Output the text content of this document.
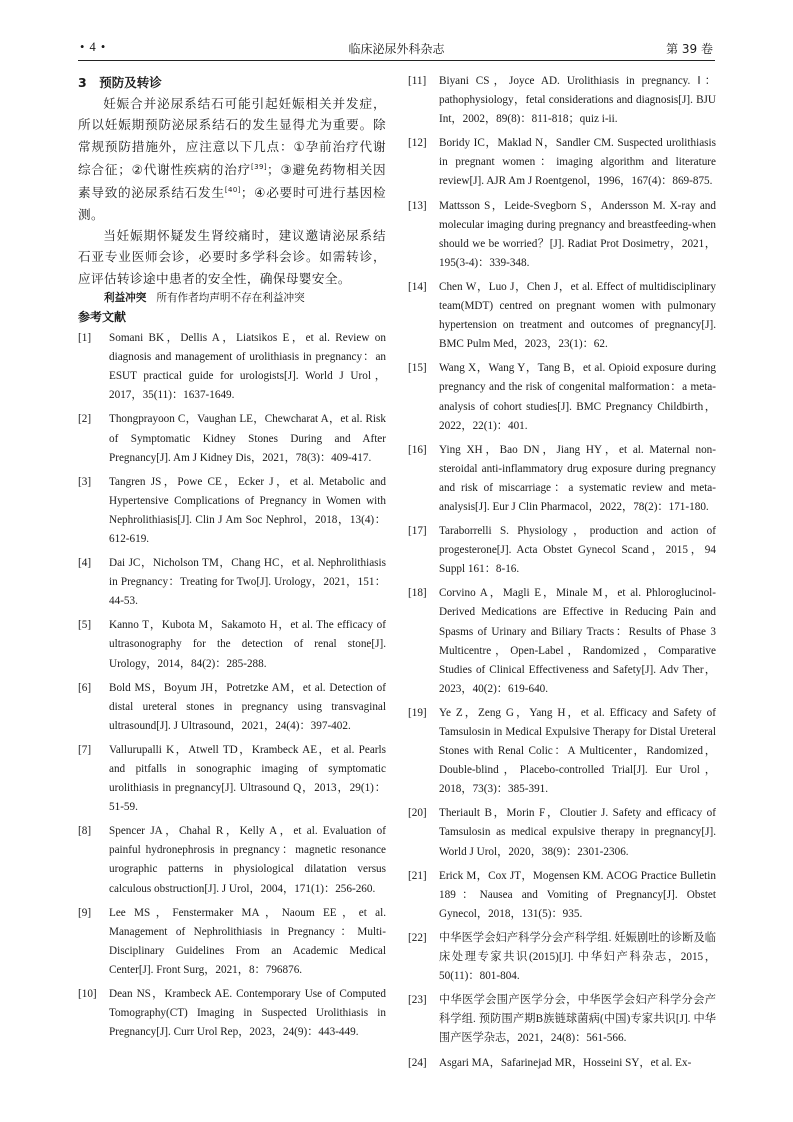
• 4 •	临床泌尿外科杂志	第 39 卷
3　预防及转诊

妊娠合并泌尿系结石可能引起妊娠相关并发症，所以妊娠期预防泌尿系结石的发生显得尤为重要。除常规预防措施外，应注意以下几点：①孕前治疗代谢综合征；②代谢性疾病的治疗[39]；③避免药物相关因素导致的泌尿系结石发生[40]；④必要时可进行基因检测。

当妊娠期怀疑发生肾绞痛时，建议邀请泌尿系结石亚专业医师会诊，必要时多学科会诊。如需转诊，应评估转诊途中患者的安全性，确保母婴安全。

利益冲突 所有作者均声明不存在利益冲突
参考文献
[1] Somani BK，Dellis A，Liatsikos E，et al. Review on diagnosis and management of urolithiasis in pregnancy：an ESUT practical guide for urologists[J]. World J Urol，2017，35(11)：1637-1649.
[2] Thongprayoon C，Vaughan LE，Chewcharat A，et al. Risk of Symptomatic Kidney Stones During and After Pregnancy[J]. Am J Kidney Dis，2021，78(3)：409-417.
[3] Tangren JS，Powe CE，Ecker J，et al. Metabolic and Hypertensive Complications of Pregnancy in Women with Nephrolithiasis[J]. Clin J Am Soc Nephrol，2018，13(4)：612-619.
[4] Dai JC，Nicholson TM，Chang HC，et al. Nephrolithiasis in Pregnancy：Treating for Two[J]. Urology，2021，151：44-53.
[5] Kanno T，Kubota M，Sakamoto H，et al. The efficacy of ultrasonography for the detection of renal stone[J]. Urology，2014，84(2)：285-288.
[6] Bold MS，Boyum JH，Potretzke AM，et al. Detection of distal ureteral stones in pregnancy using transvaginal ultrasound[J]. J Ultrasound，2021，24(4)：397-402.
[7] Vallurupalli K，Atwell TD，Krambeck AE，et al. Pearls and pitfalls in sonographic imaging of symptomatic urolithiasis in pregnancy[J]. Ultrasound Q，2013，29(1)：51-59.
[8] Spencer JA，Chahal R，Kelly A，et al. Evaluation of painful hydronephrosis in pregnancy：magnetic resonance urographic patterns in physiological dilatation versus calculous obstruction[J]. J Urol，2004，171(1)：256-260.
[9] Lee MS，Fenstermaker MA，Naoum EE，et al. Management of Nephrolithiasis in Pregnancy：Multi-Disciplinary Guidelines From an Academic Medical Center[J]. Front Surg，2021，8：796876.
[10] Dean NS，Krambeck AE. Contemporary Use of Computed Tomography(CT) Imaging in Suspected Urolithiasis in Pregnancy[J]. Curr Urol Rep，2023，24(9)：443-449.
[11] Biyani CS，Joyce AD. Urolithiasis in pregnancy. Ⅰ：pathophysiology，fetal considerations and diagnosis[J]. BJU Int，2002，89(8)：811-818；quiz i-ii.
[12] Boridy IC，Maklad N，Sandler CM. Suspected urolithiasis in pregnant women：imaging algorithm and literature review[J]. AJR Am J Roentgenol，1996，167(4)：869-875.
[13] Mattsson S，Leide-Svegborn S，Andersson M. X-ray and molecular imaging during pregnancy and breastfeeding-when should we be worried？[J]. Radiat Prot Dosimetry，2021，195(3-4)：339-348.
[14] Chen W，Luo J，Chen J，et al. Effect of multidisciplinary team(MDT) centred on pregnant women with pulmonary hypertension on treatment and outcomes of pregnancy[J]. BMC Pulm Med，2023，23(1)：62.
[15] Wang X，Wang Y，Tang B，et al. Opioid exposure during pregnancy and the risk of congenital malformation：a meta-analysis of cohort studies[J]. BMC Pregnancy Childbirth，2022，22(1)：401.
[16] Ying XH，Bao DN，Jiang HY，et al. Maternal non-steroidal anti-inflammatory drug exposure during pregnancy and risk of miscarriage：a systematic review and meta-analysis[J]. Eur J Clin Pharmacol，2022，78(2)：171-180.
[17] Taraborrelli S. Physiology，production and action of progesterone[J]. Acta Obstet Gynecol Scand，2015，94 Suppl 161：8-16.
[18] Corvino A，Magli E，Minale M，et al. Phloroglucinol-Derived Medications are Effective in Reducing Pain and Spasms of Urinary and Biliary Tracts：Results of Phase 3 Multicentre，Open-Label，Randomized，Comparative Studies of Clinical Effectiveness and Safety[J]. Adv Ther，2023，40(2)：619-640.
[19] Ye Z，Zeng G，Yang H，et al. Efficacy and Safety of Tamsulosin in Medical Expulsive Therapy for Distal Ureteral Stones with Renal Colic：A Multicenter，Randomized，Double-blind，Placebo-controlled Trial[J]. Eur Urol，2018，73(3)：385-391.
[20] Theriault B，Morin F，Cloutier J. Safety and efficacy of Tamsulosin as medical expulsive therapy in pregnancy[J]. World J Urol，2020，38(9)：2301-2306.
[21] Erick M，Cox JT，Mogensen KM. ACOG Practice Bulletin 189：Nausea and Vomiting of Pregnancy[J]. Obstet Gynecol，2018，131(5)：935.
[22] 中华医学会妇产科学分会产科学组. 妊娠剧吐的诊断及临床处理专家共识(2015)[J]. 中华妇产科杂志，2015，50(11)：801-804.
[23] 中华医学会围产医学分会，中华医学会妇产科学分会产科学组. 预防围产期B族链球菌病(中国)专家共识[J]. 中华围产医学杂志，2021，24(8)：561-566.
[24] Asgari MA，Safarinejad MR，Hosseini SY，et al. Ex-
